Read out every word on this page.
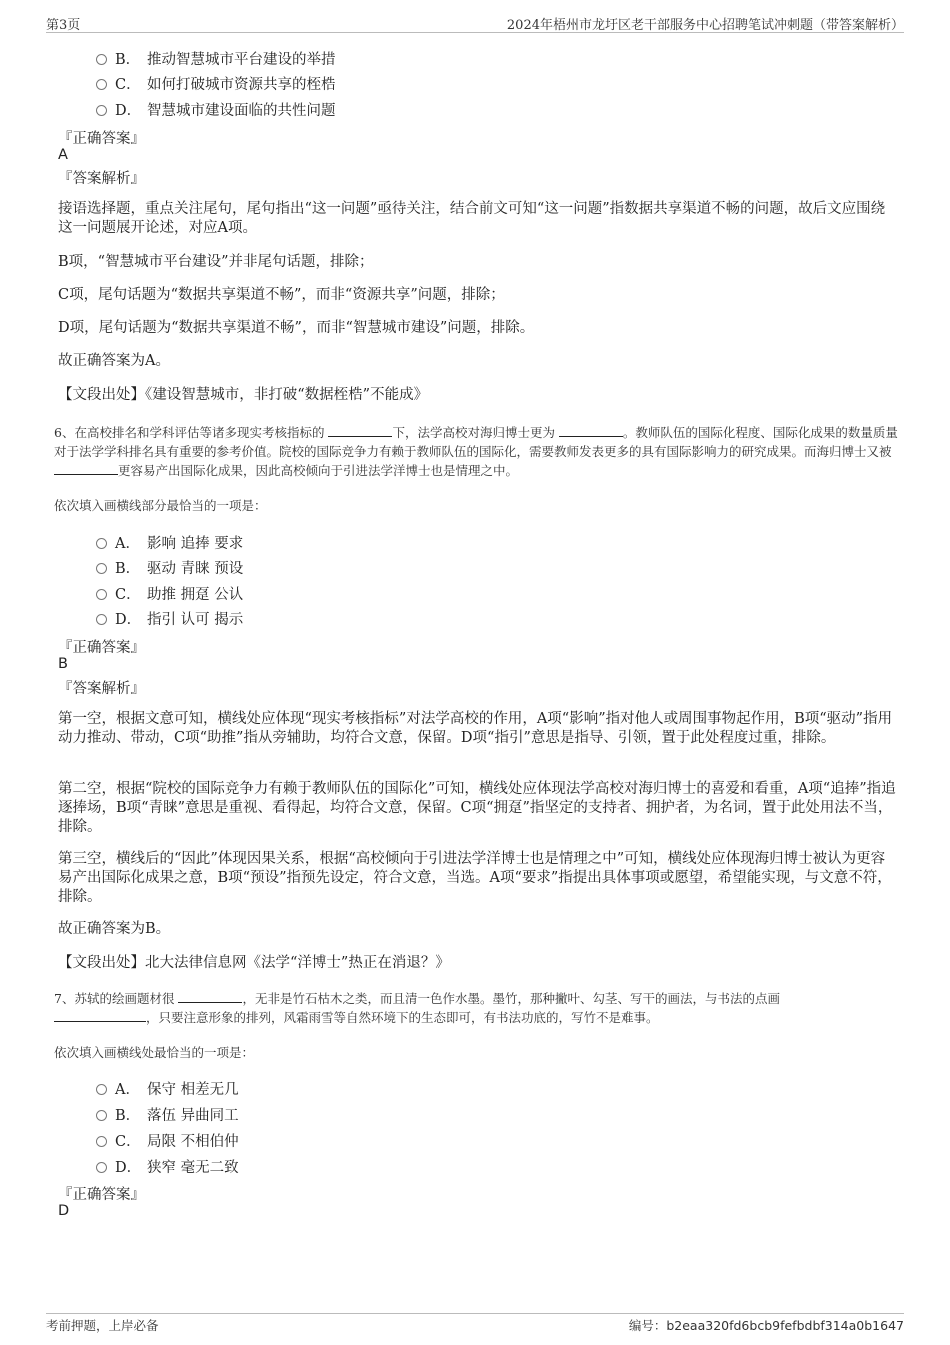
第3页	2024年梧州市龙圩区老干部服务中心招聘笔试冲刺题（带答案解析）
B． 推动智慧城市平台建设的举措
C． 如何打破城市资源共享的桎梏
D． 智慧城市建设面临的共性问题
『正确答案』
A
『答案解析』
接语选择题，重点关注尾句，尾句指出“这一问题”亟待关注，结合前文可知“这一问题”指数据共享渠道不畅的问题，故后文应围绕这一问题展开论述，对应A项。
B项，“智慧城市平台建设”并非尾句话题，排除；
C项，尾句话题为“数据共享渠道不畅”，而非“资源共享”问题，排除；
D项，尾句话题为“数据共享渠道不畅”，而非“智慧城市建设”问题，排除。
故正确答案为A。
【文段出处】《建设智慧城市，非打破“数据桎梏”不能成》
6、在高校排名和学科评估等诸多现实考核指标的	下，法学高校对海归博士更为	。教师队伍的国际化程度、国际化成果的数量质量对于法学学科排名具有重要的参考价值。院校的国际竞争力有赖于教师队伍的国际化，需要教师发表更多的具有国际影响力的研究成果。而海归博士又被 更容易产出国际化成果，因此高校倾向于引进法学洋博士也是情理之中。
依次填入画横线部分最恰当的一项是：
A． 影响 追捧 要求
B． 驱动 青睐 预设
C． 助推 拥趸 公认
D． 指引 认可 揭示
『正确答案』
B
『答案解析』
第一空，根据文意可知，横线处应体现“现实考核指标”对法学高校的作用，A项“影响”指对他人或周围事物起作用，B项“驱动”指用动力推动、带动，C项“助推”指从旁辅助，均符合文意，保留。D项“指引”意思是指导、引领，置于此处程度过重，排除。
第二空，根据“院校的国际竞争力有赖于教师队伍的国际化”可知，横线处应体现法学高校对海归博士的喜爱和看重，A项“追捧”指追逐捧场，B项“青睐”意思是重视、看得起，均符合文意，保留。C项“拥趸”指坚定的支持者、拥护者，为名词，置于此处用法不当，排除。
第三空，横线后的“因此”体现因果关系，根据“高校倾向于引进法学洋博士也是情理之中”可知，横线处应体现海归博士被认为更容易产出国际化成果之意，B项“预设”指预先设定，符合文意，当选。A项“要求”指提出具体事项或愿望，希望能实现，与文意不符，排除。
故正确答案为B。
【文段出处】北大法律信息网《法学“洋博士”热正在消退？》
7、苏轼的绘画题材很	，无非是竹石枯木之类，而且清一色作水墨。墨竹，那种撇叶、勾茎、写干的画法，与书法的点画
，只要注意形象的排列，风霜雨雪等自然环境下的生态即可，有书法功底的，写竹不是难事。
依次填入画横线处最恰当的一项是：
A． 保守 相差无几
B． 落伍 异曲同工
C． 局限 不相伯仲
D． 狭窄 毫无二致
『正确答案』
D
考前押题，上岸必备	编号：b2eaa320fd6bcb9fefbdbf314a0b1647
